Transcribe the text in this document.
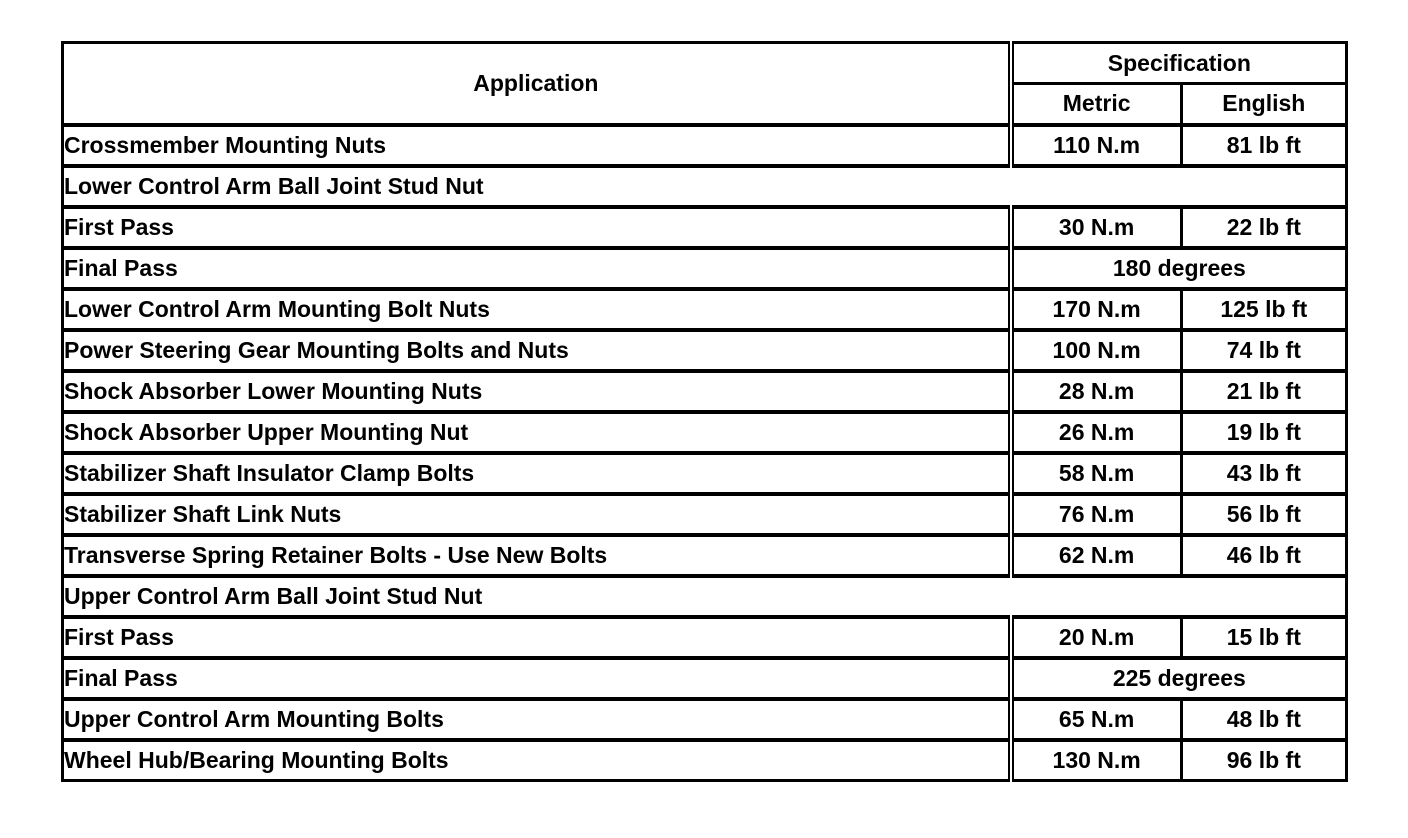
Application	Specification	
	Metric	English
Crossmember Mounting Nuts	110 N.m	81 lb ft
Lower Control Arm Ball Joint Stud Nut		
First Pass	30 N.m	22 lb ft
Final Pass	180 degrees	
Lower Control Arm Mounting Bolt Nuts	170 N.m	125 lb ft
Power Steering Gear Mounting Bolts and Nuts	100 N.m	74 lb ft
Shock Absorber Lower Mounting Nuts	28 N.m	21 lb ft
Shock Absorber Upper Mounting Nut	26 N.m	19 lb ft
Stabilizer Shaft Insulator Clamp Bolts	58 N.m	43 lb ft
Stabilizer Shaft Link Nuts	76 N.m	56 lb ft
Transverse Spring Retainer Bolts - Use New Bolts	62 N.m	46 lb ft
Upper Control Arm Ball Joint Stud Nut		
First Pass	20 N.m	15 lb ft
Final Pass	225 degrees	
Upper Control Arm Mounting Bolts	65 N.m	48 lb ft
Wheel Hub/Bearing Mounting Bolts	130 N.m	96 lb ft
